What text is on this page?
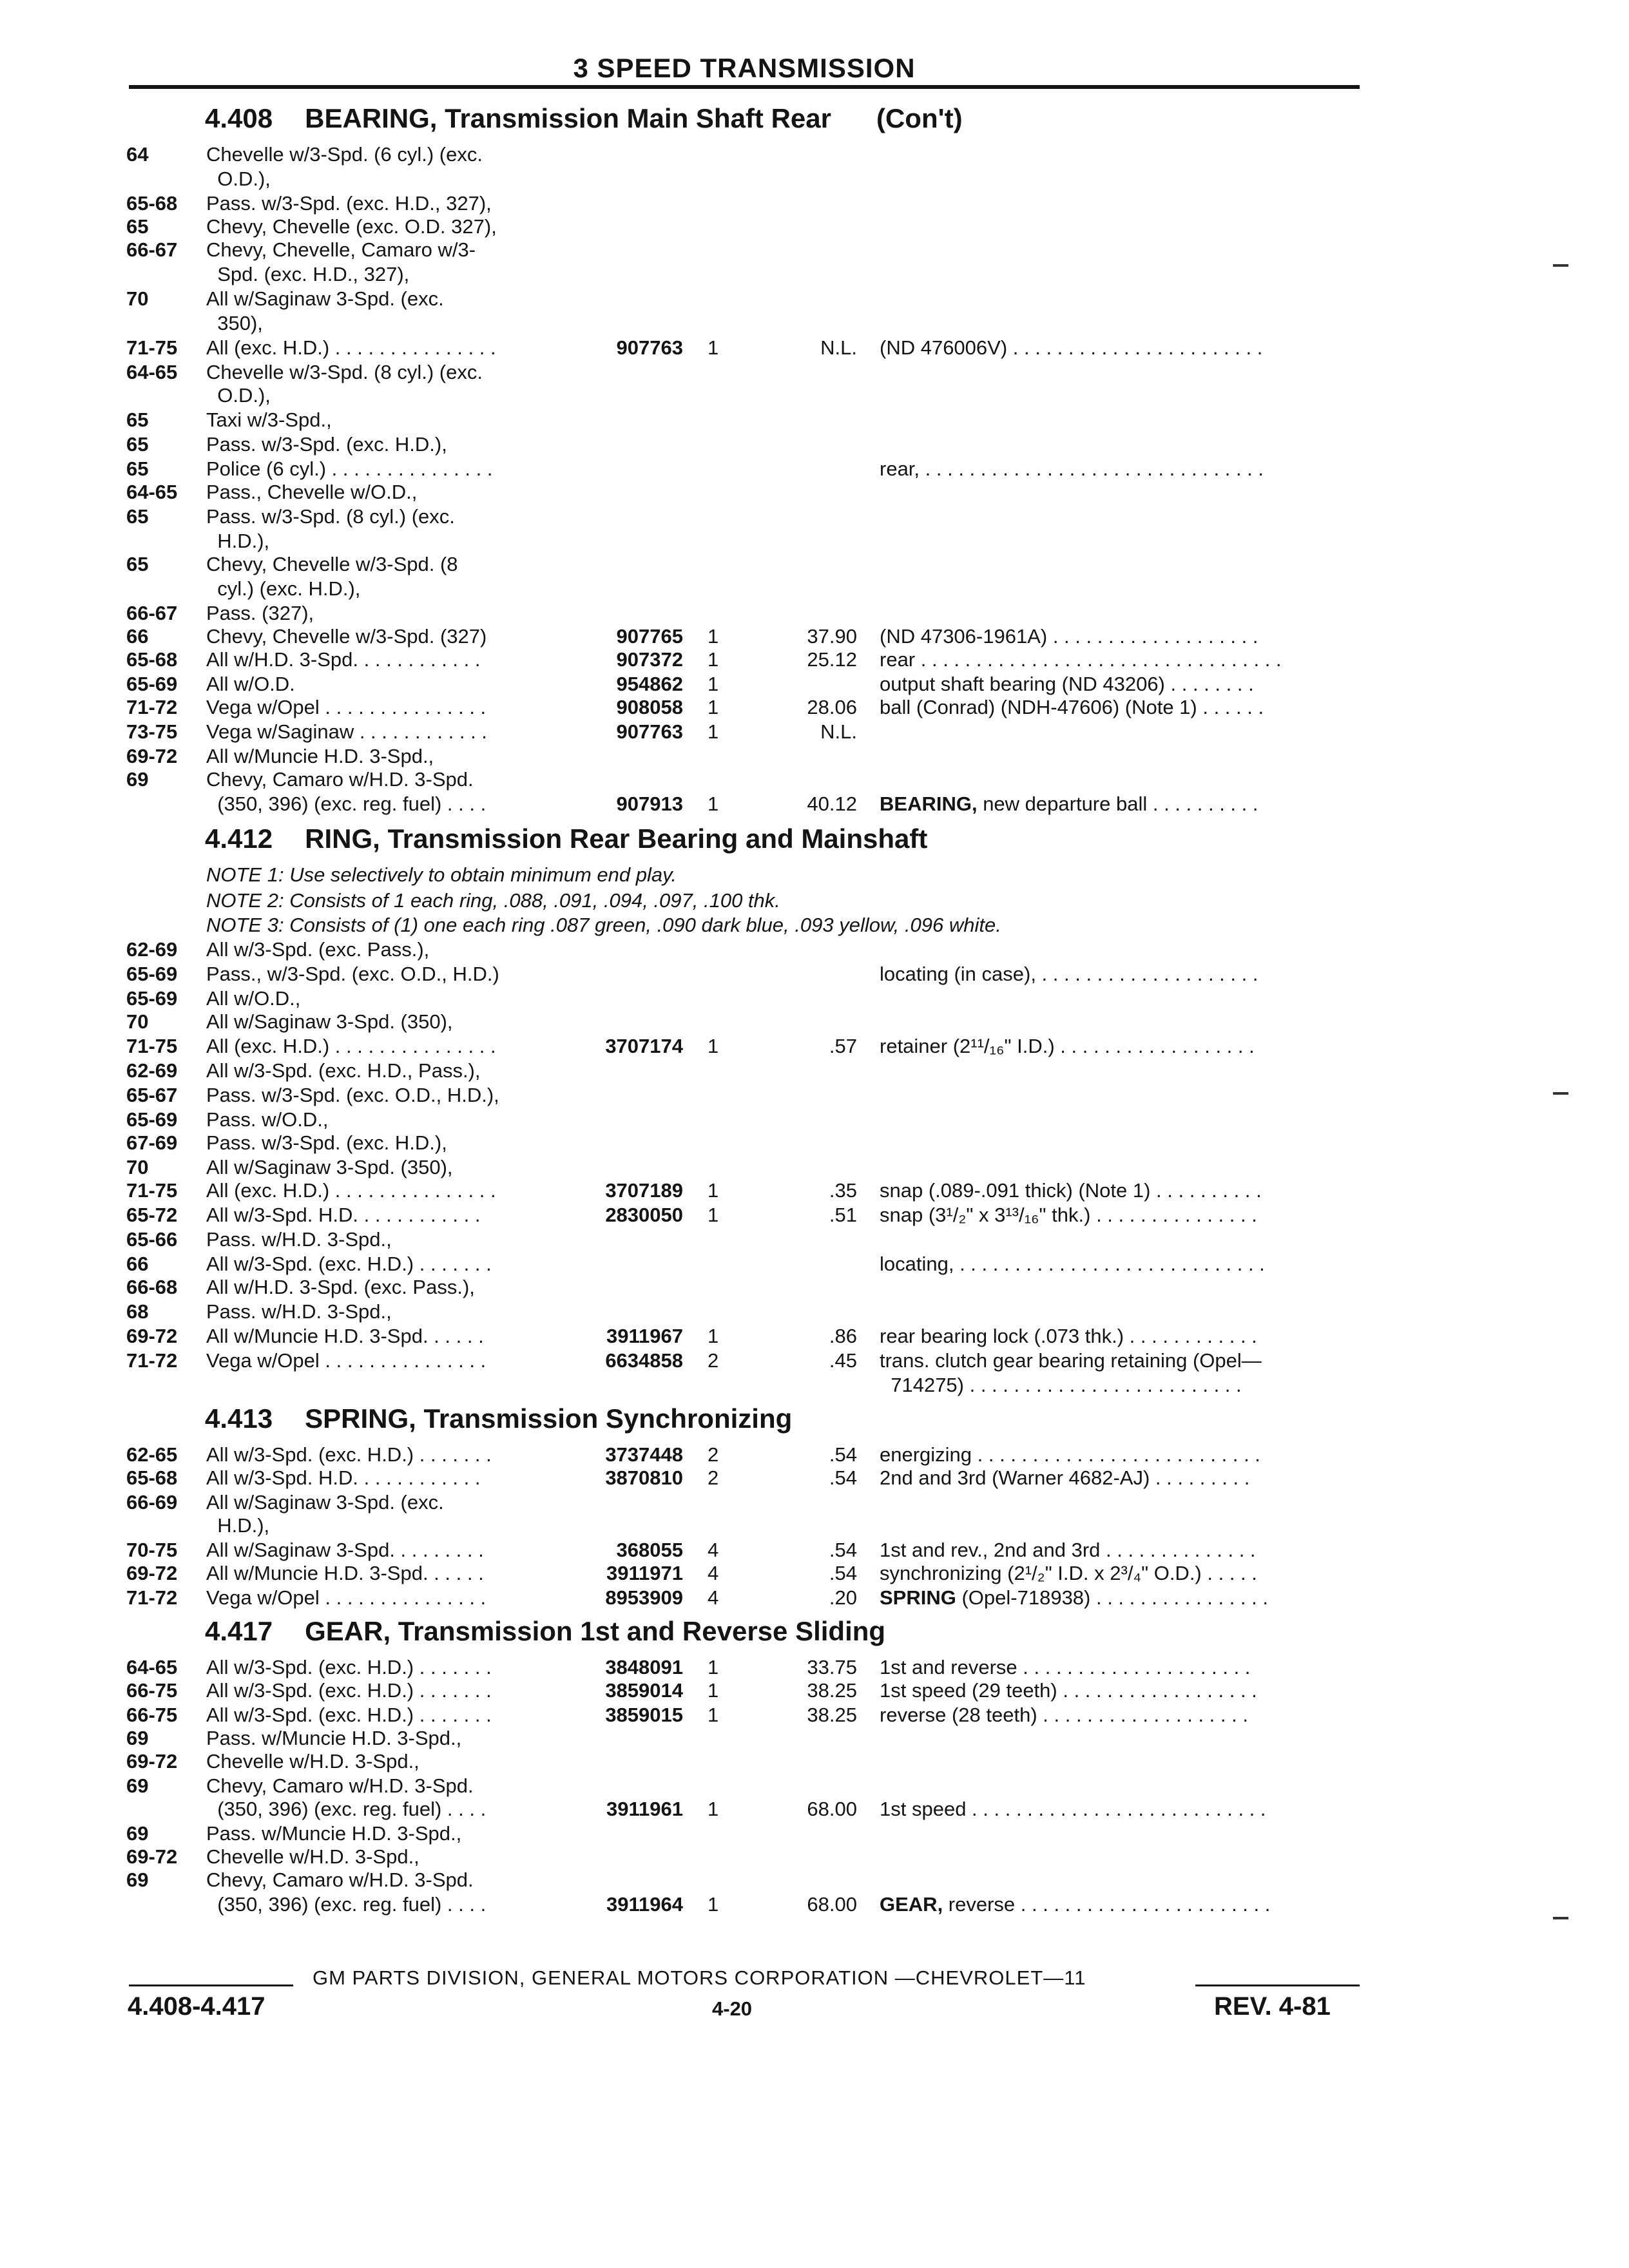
3 SPEED TRANSMISSION
4.408 BEARING, Transmission Main Shaft Rear (Con't)
4.412 RING, Transmission Rear Bearing and Mainshaft
4.413 SPRING, Transmission Synchronizing
4.417 GEAR, Transmission 1st and Reverse Sliding
NOTE 1: Use selectively to obtain minimum end play.
NOTE 2: Consists of 1 each ring, .088, .091, .094, .097, .100 thk.
NOTE 3: Consists of (1) one each ring .087 green, .090 dark blue, .093 yellow, .096 white.
64	Chevelle w/3-Spd. (6 cyl.) (exc.
O.D.),
65-68 Pass. w/3-Spd. (exc. H.D., 327),
65	Chevy, Chevelle (exc. O.D. 327),
66-67 Chevy, Chevelle, Camaro w/3-
Spd. (exc. H.D., 327),
70	All w/Saginaw 3-Spd. (exc.
350),
71-75 All (exc. H.D.) . . . . . . . . . . . . . . .	907763 1	N.L. (ND 476006V) . . . . . . . . . . . . . . . . . . . . . . .
64-65 Chevelle w/3-Spd. (8 cyl.) (exc.
O.D.),
65	Taxi w/3-Spd.,
65	Pass. w/3-Spd. (exc. H.D.),
65	Police (6 cyl.) . . . . . . . . . . . . . . .	rear, . . . . . . . . . . . . . . . . . . . . . . . . . . . . . . .
64-65 Pass., Chevelle w/O.D.,
65	Pass. w/3-Spd. (8 cyl.) (exc.
H.D.),
65	Chevy, Chevelle w/3-Spd. (8
cyl.) (exc. H.D.),
66-67 Pass. (327),
66	Chevy, Chevelle w/3-Spd. (327)	907765 1	37.90 (ND 47306-1961A) . . . . . . . . . . . . . . . . . . .
65-68 All w/H.D. 3-Spd. . . . . . . . . . . .	907372 1	25.12 rear . . . . . . . . . . . . . . . . . . . . . . . . . . . . . . . . .
65-69 All w/O.D.	954862 1	output shaft bearing (ND 43206) . . . . . . . .
71-72 Vega w/Opel . . . . . . . . . . . . . . .	908058 1	28.06 ball (Conrad) (NDH-47606) (Note 1) . . . . . .
73-75 Vega w/Saginaw . . . . . . . . . . . .	907763 1	N.L.
69-72 All w/Muncie H.D. 3-Spd.,
69	Chevy, Camaro w/H.D. 3-Spd.
(350, 396) (exc. reg. fuel) . . . .	907913 1	40.12 BEARING, new departure ball . . . . . . . . . .
62-69 All w/3-Spd. (exc. Pass.),
65-69 Pass., w/3-Spd. (exc. O.D., H.D.)	locating (in case), . . . . . . . . . . . . . . . . . . . .
65-69 All w/O.D.,
70	All w/Saginaw 3-Spd. (350),
71-75 All (exc. H.D.) . . . . . . . . . . . . . . .	3707174 1	.57 retainer (2¹¹/₁₆" I.D.) . . . . . . . . . . . . . . . . . .
62-69 All w/3-Spd. (exc. H.D., Pass.),
65-67 Pass. w/3-Spd. (exc. O.D., H.D.),
65-69 Pass. w/O.D.,
67-69 Pass. w/3-Spd. (exc. H.D.),
70	All w/Saginaw 3-Spd. (350),
71-75 All (exc. H.D.) . . . . . . . . . . . . . . .	3707189 1	.35 snap (.089-.091 thick) (Note 1) . . . . . . . . . .
65-72 All w/3-Spd. H.D. . . . . . . . . . . .	2830050 1	.51 snap (3¹/₂" x 3¹³/₁₆" thk.) . . . . . . . . . . . . . . .
65-66 Pass. w/H.D. 3-Spd.,
66	All w/3-Spd. (exc. H.D.) . . . . . . .	locating, . . . . . . . . . . . . . . . . . . . . . . . . . . . .
66-68 All w/H.D. 3-Spd. (exc. Pass.),
68	Pass. w/H.D. 3-Spd.,
69-72 All w/Muncie H.D. 3-Spd. . . . . .	3911967 1	.86 rear bearing lock (.073 thk.) . . . . . . . . . . . .
71-72 Vega w/Opel . . . . . . . . . . . . . . .	6634858 2	.45 trans. clutch gear bearing retaining (Opel—
714275) . . . . . . . . . . . . . . . . . . . . . . . . .
62-65 All w/3-Spd. (exc. H.D.) . . . . . . .	3737448 2	.54 energizing . . . . . . . . . . . . . . . . . . . . . . . . . .
65-68 All w/3-Spd. H.D. . . . . . . . . . . .	3870810 2	.54 2nd and 3rd (Warner 4682-AJ) . . . . . . . . .
66-69 All w/Saginaw 3-Spd. (exc.
H.D.),
70-75 All w/Saginaw 3-Spd. . . . . . . . .	368055 4	.54 1st and rev., 2nd and 3rd . . . . . . . . . . . . . .
69-72 All w/Muncie H.D. 3-Spd. . . . . .	3911971 4	.54 synchronizing (2¹/₂" I.D. x 2³/₄" O.D.) . . . . .
71-72 Vega w/Opel . . . . . . . . . . . . . . .	8953909 4	.20 SPRING (Opel-718938) . . . . . . . . . . . . . . . .
64-65 All w/3-Spd. (exc. H.D.) . . . . . . .	3848091 1	33.75 1st and reverse . . . . . . . . . . . . . . . . . . . . .
66-75 All w/3-Spd. (exc. H.D.) . . . . . . .	3859014 1	38.25 1st speed (29 teeth) . . . . . . . . . . . . . . . . . .
66-75 All w/3-Spd. (exc. H.D.) . . . . . . .	3859015 1	38.25 reverse (28 teeth) . . . . . . . . . . . . . . . . . . .
69	Pass. w/Muncie H.D. 3-Spd.,
69-72 Chevelle w/H.D. 3-Spd.,
69	Chevy, Camaro w/H.D. 3-Spd.
(350, 396) (exc. reg. fuel) . . . .	3911961 1	68.00 1st speed . . . . . . . . . . . . . . . . . . . . . . . . . . .
69	Pass. w/Muncie H.D. 3-Spd.,
69-72 Chevelle w/H.D. 3-Spd.,
69	Chevy, Camaro w/H.D. 3-Spd.
(350, 396) (exc. reg. fuel) . . . .	3911964 1	68.00 GEAR, reverse . . . . . . . . . . . . . . . . . . . . . . .
GM PARTS DIVISION, GENERAL MOTORS CORPORATION —CHEVROLET—11
4.408-4.417	4-20	REV. 4-81
